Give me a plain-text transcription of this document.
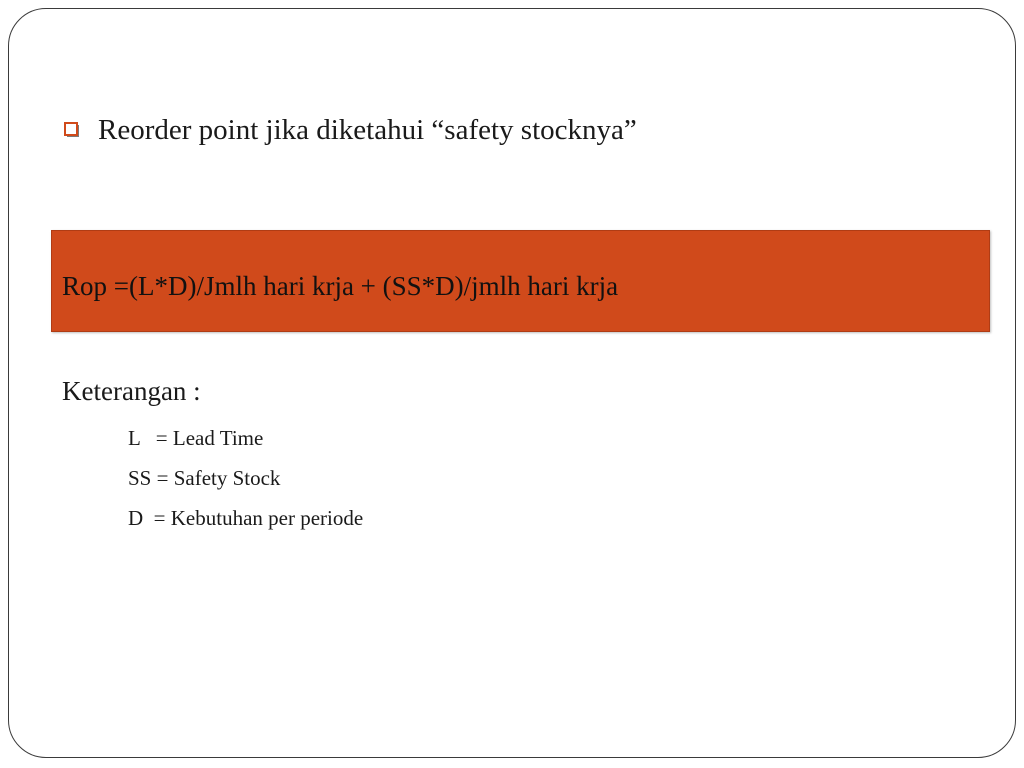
Reorder point jika diketahui “safety stocknya”
Rop =(L*D)/Jmlh hari krja + (SS*D)/jmlh hari krja
Keterangan :
L   = Lead Time
SS = Safety Stock
D  = Kebutuhan per periode
